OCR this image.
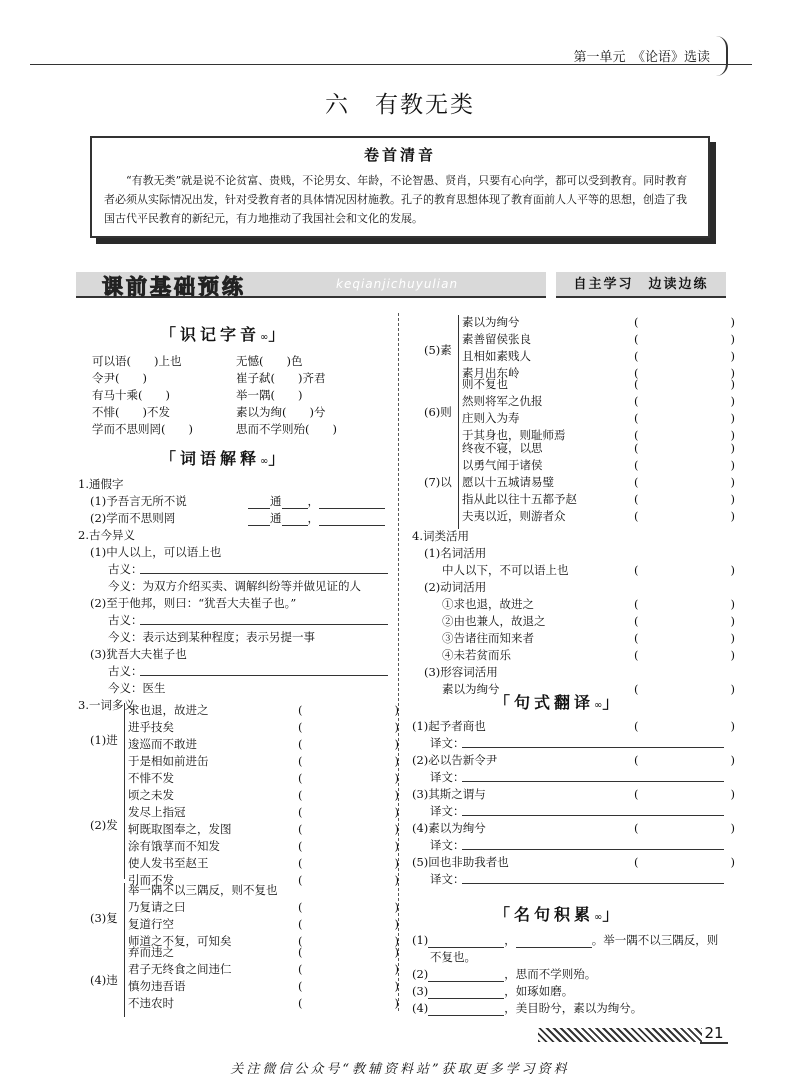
第一单元　《论语》选读
六　有教无类
卷首清音
“有教无类”就是说不论贫富、贵贱，不论男女、年龄，不论智愚、贤肖，只要有心向学，都可以受到教育。同时教育者必须从实际情况出发，针对受教育者的具体情况因材施教。孔子的教育思想体现了教育面前人人平等的思想，创造了我国古代平民教育的新纪元，有力地推动了我国社会和文化的发展。
课前基础预练	keqianjichuyulian	自主学习　边读边练
「识记字音∞」
可以语(　　)上也	无憾(　　)色
令尹(　　)	崔子弑(　　)齐君
有马十乘(　　)	举一隅(　　)
不悱(　　)不发	素以为绚(　　)兮
学而不思则罔(　　)	思而不学则殆(　　)
「词语解释∞」
1.通假字
(1)予吾言无所不说	通 ，
(2)学而不思则罔	通 ，
2.古今异义
(1)中人以上，可以语上也
古义：
今义：为双方介绍买卖、调解纠纷等并做见证的人
(2)至于他邦，则曰：“犹吾大夫崔子也。”
古义：
今义：表示达到某种程度；表示另提一事
(3)犹吾大夫崔子也
古义：
今义：医生
3.一词多义
(1)进
求也退，故进之	(　　　　　　　　)
进乎技矣	(　　　　　　　　)
逡巡而不敢进	(　　　　　　　　)
于是相如前进缶	(　　　　　　　　)
(2)发
不悱不发	(　　　　　　　　)
顷之未发	(　　　　　　　　)
发尽上指冠	(　　　　　　　　)
轲既取图奉之，发图	(　　　　　　　　)
涂有饿莩而不知发	(　　　　　　　　)
使人发书至赵王	(　　　　　　　　)
引而不发	(　　　　　　　　)
(3)复
举一隅不以三隅反，则不复也
乃复请之曰	(　　　　　　　　)
复道行空	(　　　　　　　　)
师道之不复，可知矣	(　　　　　　　　)
(4)违
弃而违之	(　　　　　　　　)
君子无终食之间违仁	(　　　　　　　　)
慎勿违吾语	(　　　　　　　　)
不违农时	(　　　　　　　　)
(5)素
素以为绚兮	(　　　　　　　　)
素善留侯张良	(　　　　　　　　)
且相如素贱人	(　　　　　　　　)
素月出东岭	(　　　　　　　　)
(6)则
则不复也	(　　　　　　　　)
然则将军之仇报	(　　　　　　　　)
庄则入为寿	(　　　　　　　　)
于其身也，则耻师焉	(　　　　　　　　)
(7)以
终夜不寝，以思	(　　　　　　　　)
以勇气闻于诸侯	(　　　　　　　　)
愿以十五城请易璧	(　　　　　　　　)
指从此以往十五都予赵	(　　　　　　　　)
夫夷以近，则游者众	(　　　　　　　　)
4.词类活用
(1)名词活用
中人以下，不可以语上也	(　　　　　　　　)
(2)动词活用
①求也退，故进之	(　　　　　　　　)
②由也兼人，故退之	(　　　　　　　　)
③告诸往而知来者	(　　　　　　　　)
④未若贫而乐	(　　　　　　　　)
(3)形容词活用
素以为绚兮	(　　　　　　　　)
「句式翻译∞」
(1)起予者商也	(　　　　　　　　)
译文：
(2)必以告新令尹	(　　　　　　　　)
译文：
(3)其斯之谓与	(　　　　　　　　)
译文：
(4)素以为绚兮	(　　　　　　　　)
译文：
(5)回也非助我者也	(　　　　　　　　)
译文：
「名句积累∞」
(1)	，	。举一隅不以三隅反，则
不复也。
(2)	，思而不学则殆。
(3)	，如琢如磨。
(4)	，美目盼兮，素以为绚兮。
21
关注微信公众号“教辅资料站”获取更多学习资料
